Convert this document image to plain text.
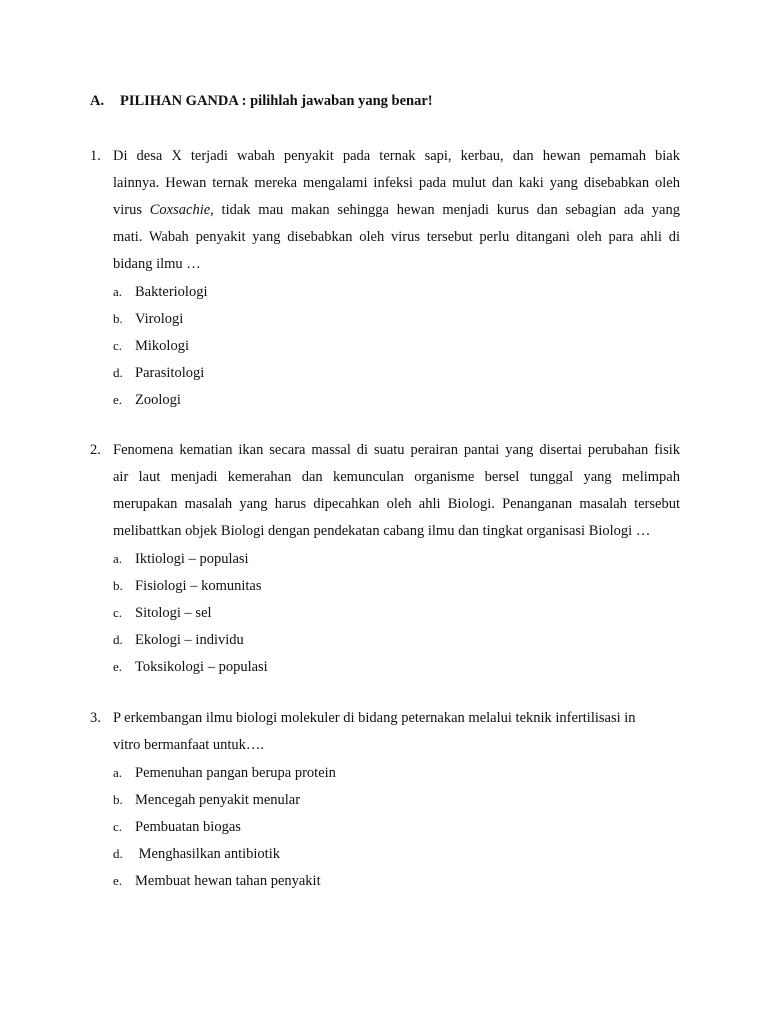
A. PILIHAN GANDA : pilihlah jawaban yang benar!
1. Di desa X terjadi wabah penyakit pada ternak sapi, kerbau, dan hewan pemamah biak
lainnya. Hewan ternak mereka mengalami infeksi pada mulut dan kaki yang disebabkan oleh
virus Coxsachie, tidak mau makan sehingga hewan menjadi kurus dan sebagian ada yang
mati. Wabah penyakit yang disebabkan oleh virus tersebut perlu ditangani oleh para ahli di
bidang ilmu …
a. Bakteriologi
b. Virologi
c. Mikologi
d. Parasitologi
e. Zoologi
2. Fenomena kematian ikan secara massal di suatu perairan pantai yang disertai perubahan fisik
air laut menjadi kemerahan dan kemunculan organisme bersel tunggal yang melimpah
merupakan masalah yang harus dipecahkan oleh ahli Biologi. Penanganan masalah tersebut
melibattkan objek Biologi dengan pendekatan cabang ilmu dan tingkat organisasi Biologi …
a. Iktiologi – populasi
b. Fisiologi – komunitas
c. Sitologi – sel
d. Ekologi – individu
e. Toksikologi – populasi
3. P erkembangan ilmu biologi molekuler di bidang peternakan melalui teknik infertilisasi in
vitro bermanfaat untuk….
a. Pemenuhan pangan berupa protein
b. Mencegah penyakit menular
c. Pembuatan biogas
d. Menghasilkan antibiotik
e. Membuat hewan tahan penyakit
